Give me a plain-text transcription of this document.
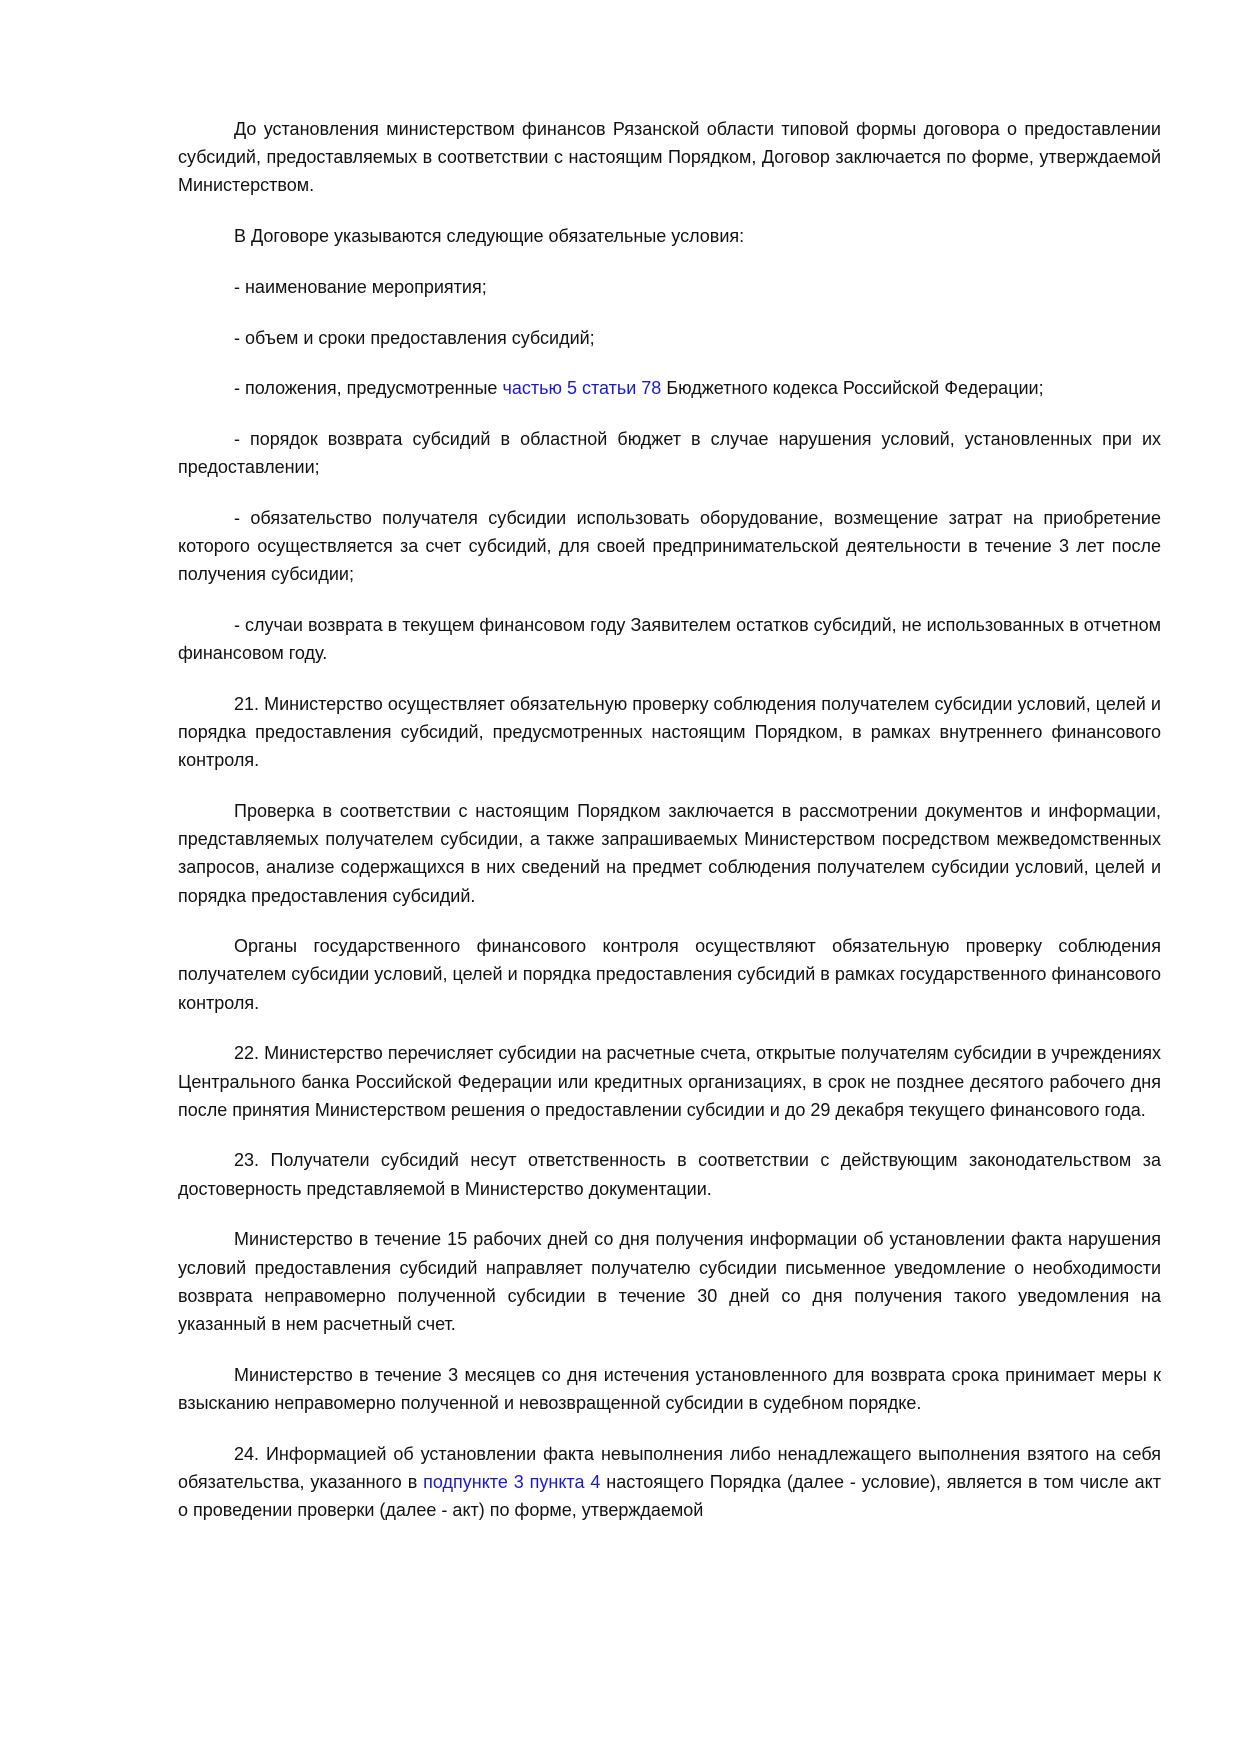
До установления министерством финансов Рязанской области типовой формы договора о предоставлении субсидий, предоставляемых в соответствии с настоящим Порядком, Договор заключается по форме, утверждаемой Министерством.

В Договоре указываются следующие обязательные условия:

- наименование мероприятия;

- объем и сроки предоставления субсидий;

- положения, предусмотренные частью 5 статьи 78 Бюджетного кодекса Российской Федерации;

- порядок возврата субсидий в областной бюджет в случае нарушения условий, установленных при их предоставлении;

- обязательство получателя субсидии использовать оборудование, возмещение затрат на приобретение которого осуществляется за счет субсидий, для своей предпринимательской деятельности в течение 3 лет после получения субсидии;

- случаи возврата в текущем финансовом году Заявителем остатков субсидий, не использованных в отчетном финансовом году.

21. Министерство осуществляет обязательную проверку соблюдения получателем субсидии условий, целей и порядка предоставления субсидий, предусмотренных настоящим Порядком, в рамках внутреннего финансового контроля.

Проверка в соответствии с настоящим Порядком заключается в рассмотрении документов и информации, представляемых получателем субсидии, а также запрашиваемых Министерством посредством межведомственных запросов, анализе содержащихся в них сведений на предмет соблюдения получателем субсидии условий, целей и порядка предоставления субсидий.

Органы государственного финансового контроля осуществляют обязательную проверку соблюдения получателем субсидии условий, целей и порядка предоставления субсидий в рамках государственного финансового контроля.

22. Министерство перечисляет субсидии на расчетные счета, открытые получателям субсидии в учреждениях Центрального банка Российской Федерации или кредитных организациях, в срок не позднее десятого рабочего дня после принятия Министерством решения о предоставлении субсидии и до 29 декабря текущего финансового года.

23. Получатели субсидий несут ответственность в соответствии с действующим законодательством за достоверность представляемой в Министерство документации.

Министерство в течение 15 рабочих дней со дня получения информации об установлении факта нарушения условий предоставления субсидий направляет получателю субсидии письменное уведомление о необходимости возврата неправомерно полученной субсидии в течение 30 дней со дня получения такого уведомления на указанный в нем расчетный счет.

Министерство в течение 3 месяцев со дня истечения установленного для возврата срока принимает меры к взысканию неправомерно полученной и невозвращенной субсидии в судебном порядке.

24. Информацией об установлении факта невыполнения либо ненадлежащего выполнения взятого на себя обязательства, указанного в подпункте 3 пункта 4 настоящего Порядка (далее - условие), является в том числе акт о проведении проверки (далее - акт) по форме, утверждаемой
